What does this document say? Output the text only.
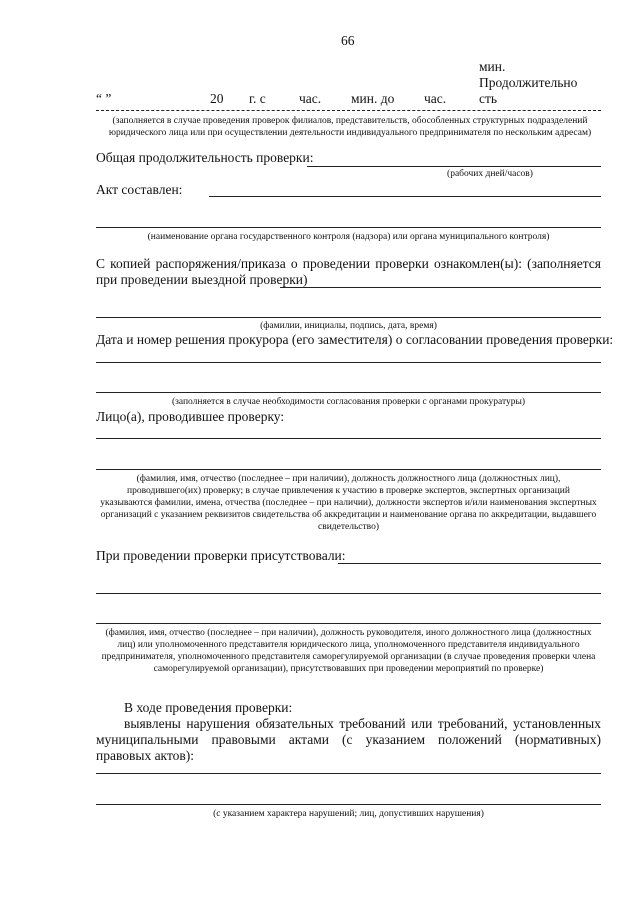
66
“ ”	20 г. с час. мин. до час.
мин.
Продолжительно
сть
(заполняется в случае проведения проверок филиалов, представительств, обособленных структурных подразделений юридического лица или при осуществлении деятельности индивидуального предпринимателя по нескольким адресам)
Общая продолжительность проверки:
(рабочих дней/часов)
Акт составлен:
(наименование органа государственного контроля (надзора) или органа муниципального контроля)
С копией распоряжения/приказа о проведении проверки ознакомлен(ы): (заполняется при проведении выездной проверки)
(фамилии, инициалы, подпись, дата, время)
Дата и номер решения прокурора (его заместителя) о согласовании проведения проверки:
(заполняется в случае необходимости согласования проверки с органами прокуратуры)
Лицо(а), проводившее проверку:
(фамилия, имя, отчество (последнее – при наличии), должность должностного лица (должностных лиц), проводившего(их) проверку; в случае привлечения к участию в проверке экспертов, экспертных организаций указываются фамилии, имена, отчества (последнее – при наличии), должности экспертов и/или наименования экспертных организаций с указанием реквизитов свидетельства об аккредитации и наименование органа по аккредитации, выдавшего свидетельство)
При проведении проверки присутствовали:
(фамилия, имя, отчество (последнее – при наличии), должность руководителя, иного должностного лица (должностных лиц) или уполномоченного представителя юридического лица, уполномоченного представителя индивидуального предпринимателя, уполномоченного представителя саморегулируемой организации (в случае проведения проверки члена саморегулируемой организации), присутствовавших при проведении мероприятий по проверке)
В ходе проведения проверки:
выявлены нарушения обязательных требований или требований, установленных муниципальными правовыми актами (с указанием положений (нормативных) правовых актов):
(с указанием характера нарушений; лиц, допустивших нарушения)
